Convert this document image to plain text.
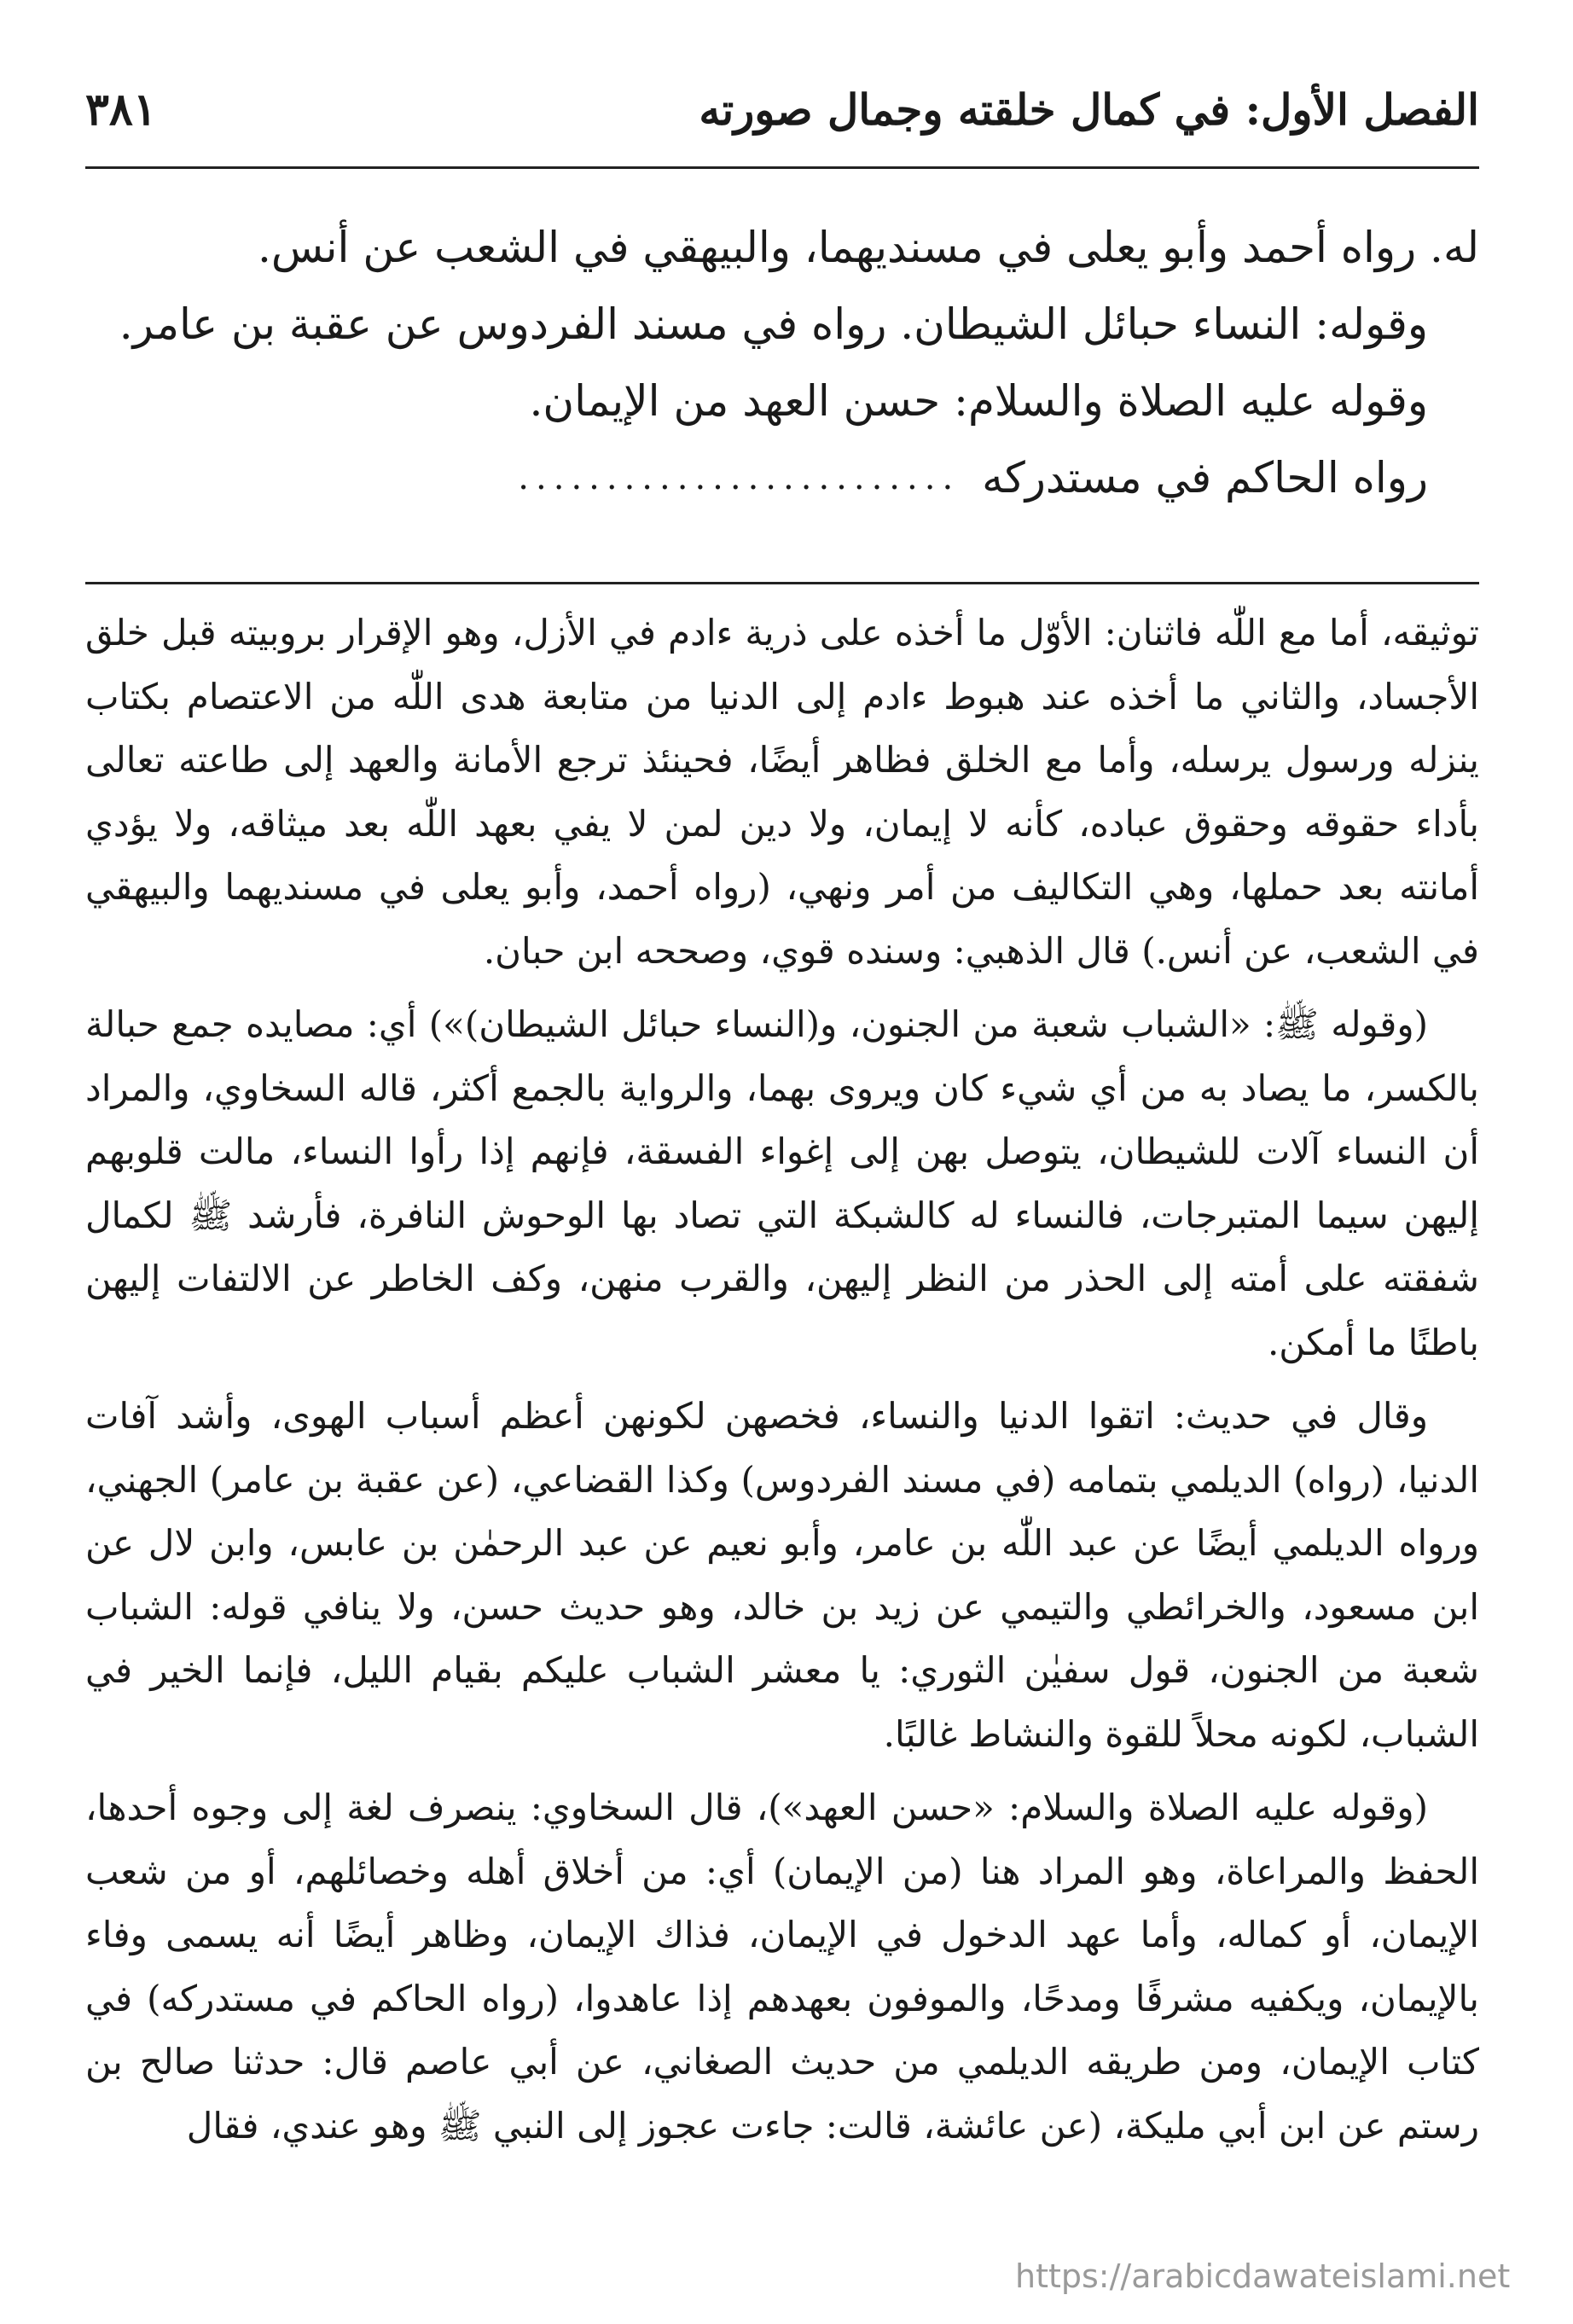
الفصل الأول: في كمال خلقته وجمال صورته
٣٨١

له. رواه أحمد وأبو يعلى في مسنديهما، والبيهقي في الشعب عن أنس.

وقوله: النساء حبائل الشيطان. رواه في مسند الفردوس عن عقبة بن عامر.

وقوله عليه الصلاة والسلام: حسن العهد من الإيمان.

رواه الحاكم في مستدركه
.........................

توثيقه، أما مع اللّٰه فاثنان: الأوّل ما أخذه على ذرية ءادم في الأزل، وهو الإقرار بروبيته قبل خلق الأجساد، والثاني ما أخذه عند هبوط ءادم إلى الدنيا من متابعة هدى اللّٰه من الاعتصام بكتاب ينزله ورسول يرسله، وأما مع الخلق فظاهر أيضًا، فحينئذ ترجع الأمانة والعهد إلى طاعته تعالى بأداء حقوقه وحقوق عباده، كأنه لا إيمان، ولا دين لمن لا يفي بعهد اللّٰه بعد ميثاقه، ولا يؤدي أمانته بعد حملها، وهي التكاليف من أمر ونهي، (رواه أحمد، وأبو يعلى في مسنديهما والبيهقي في الشعب، عن أنس.) قال الذهبي: وسنده قوي، وصححه ابن حبان.

(وقوله ﷺ: «الشباب شعبة من الجنون، و(النساء حبائل الشيطان)») أي: مصايده جمع حبالة بالكسر، ما يصاد به من أي شيء كان ويروى بهما، والرواية بالجمع أكثر، قاله السخاوي، والمراد أن النساء آلات للشيطان، يتوصل بهن إلى إغواء الفسقة، فإنهم إذا رأوا النساء، مالت قلوبهم إليهن سيما المتبرجات، فالنساء له كالشبكة التي تصاد بها الوحوش النافرة، فأرشد ﷺ لكمال شفقته على أمته إلى الحذر من النظر إليهن، والقرب منهن، وكف الخاطر عن الالتفات إليهن باطنًا ما أمكن.

وقال في حديث: اتقوا الدنيا والنساء، فخصهن لكونهن أعظم أسباب الهوى، وأشد آفات الدنيا، (رواه) الديلمي بتمامه (في مسند الفردوس) وكذا القضاعي، (عن عقبة بن عامر) الجهني، ورواه الديلمي أيضًا عن عبد اللّٰه بن عامر، وأبو نعيم عن عبد الرحمٰن بن عابس، وابن لال عن ابن مسعود، والخرائطي والتيمي عن زيد بن خالد، وهو حديث حسن، ولا ينافي قوله: الشباب شعبة من الجنون، قول سفيٰن الثوري: يا معشر الشباب عليكم بقيام الليل، فإنما الخير في الشباب، لكونه محلاً للقوة والنشاط غالبًا.

(وقوله عليه الصلاة والسلام: «حسن العهد»)، قال السخاوي: ينصرف لغة إلى وجوه أحدها، الحفظ والمراعاة، وهو المراد هنا (من الإيمان) أي: من أخلاق أهله وخصائلهم، أو من شعب الإيمان، أو كماله، وأما عهد الدخول في الإيمان، فذاك الإيمان، وظاهر أيضًا أنه يسمى وفاء بالإيمان، ويكفيه مشرفًا ومدحًا، والموفون بعهدهم إذا عاهدوا، (رواه الحاكم في مستدركه) في كتاب الإيمان، ومن طريقه الديلمي من حديث الصغاني، عن أبي عاصم قال: حدثنا صالح بن رستم عن ابن أبي مليكة، (عن عائشة، قالت: جاءت عجوز إلى النبي ﷺ وهو عندي، فقال

https://arabicdawateislami.net
